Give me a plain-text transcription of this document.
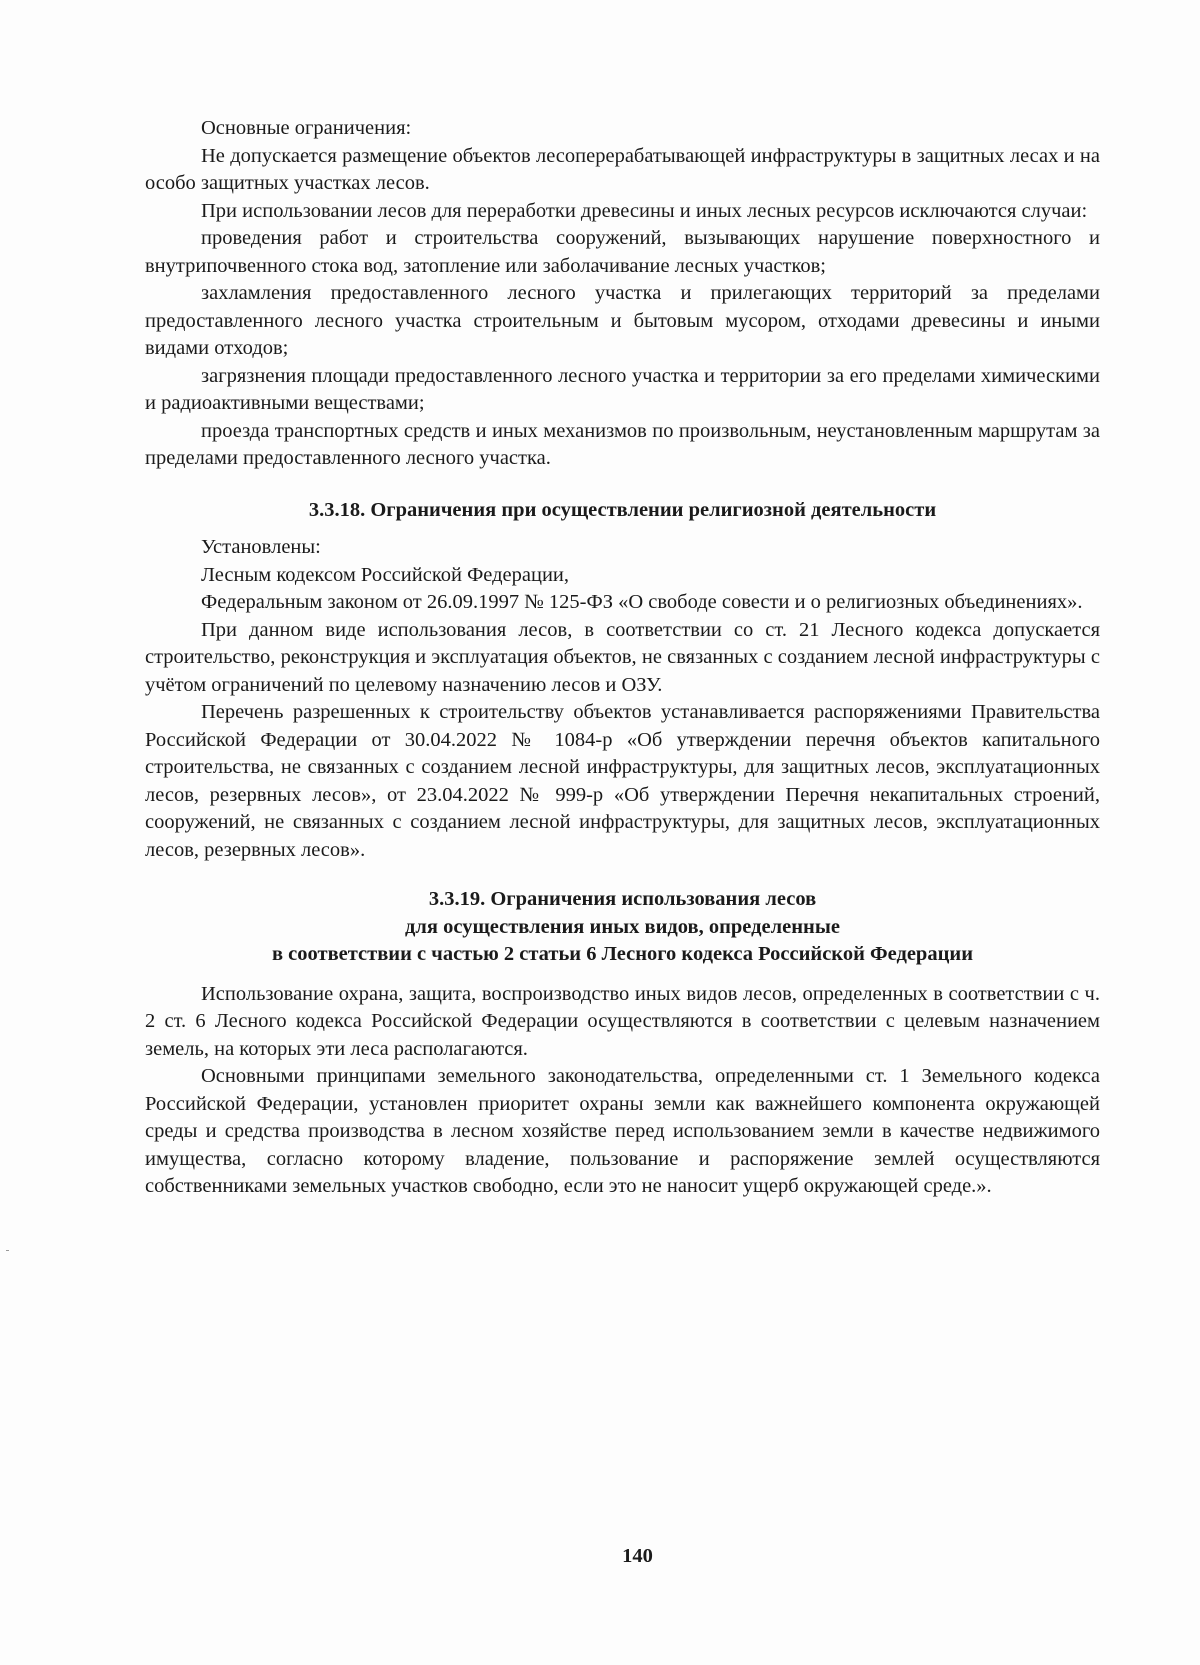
Основные ограничения:

Не допускается размещение объектов лесоперерабатывающей инфраструктуры в защитных лесах и на особо защитных участках лесов.

При использовании лесов для переработки древесины и иных лесных ресурсов исключаются случаи:

проведения работ и строительства сооружений, вызывающих нарушение поверхностного и внутрипочвенного стока вод, затопление или заболачивание лесных участков;

захламления предоставленного лесного участка и прилегающих территорий за пределами предоставленного лесного участка строительным и бытовым мусором, отходами древесины и иными видами отходов;

загрязнения площади предоставленного лесного участка и территории за его пределами химическими и радиоактивными веществами;

проезда транспортных средств и иных механизмов по произвольным, неустановленным маршрутам за пределами предоставленного лесного участка.

3.3.18. Ограничения при осуществлении религиозной деятельности

Установлены:

Лесным кодексом Российской Федерации,

Федеральным законом от 26.09.1997 № 125-ФЗ «О свободе совести и о религиозных объединениях».

При данном виде использования лесов, в соответствии со ст. 21 Лесного кодекса допускается строительство, реконструкция и эксплуатация объектов, не связанных с созданием лесной инфраструктуры с учётом ограничений по целевому назначению лесов и ОЗУ.

Перечень разрешенных к строительству объектов устанавливается распоряжениями Правительства Российской Федерации от 30.04.2022 № 1084-р «Об утверждении перечня объектов капитального строительства, не связанных с созданием лесной инфраструктуры, для защитных лесов, эксплуатационных лесов, резервных лесов», от 23.04.2022 № 999-р «Об утверждении Перечня некапитальных строений, сооружений, не связанных с созданием лесной инфраструктуры, для защитных лесов, эксплуатационных лесов, резервных лесов».

3.3.19. Ограничения использования лесов
для осуществления иных видов, определенные
в соответствии с частью 2 статьи 6 Лесного кодекса Российской Федерации

Использование охрана, защита, воспроизводство иных видов лесов, определенных в соответствии с ч. 2 ст. 6 Лесного кодекса Российской Федерации осуществляются в соответствии с целевым назначением земель, на которых эти леса располагаются.

Основными принципами земельного законодательства, определенными ст. 1 Земельного кодекса Российской Федерации, установлен приоритет охраны земли как важнейшего компонента окружающей среды и средства производства в лесном хозяйстве перед использованием земли в качестве недвижимого имущества, согласно которому владение, пользование и распоряжение землей осуществляются собственниками земельных участков свободно, если это не наносит ущерб окружающей среде.».

140
